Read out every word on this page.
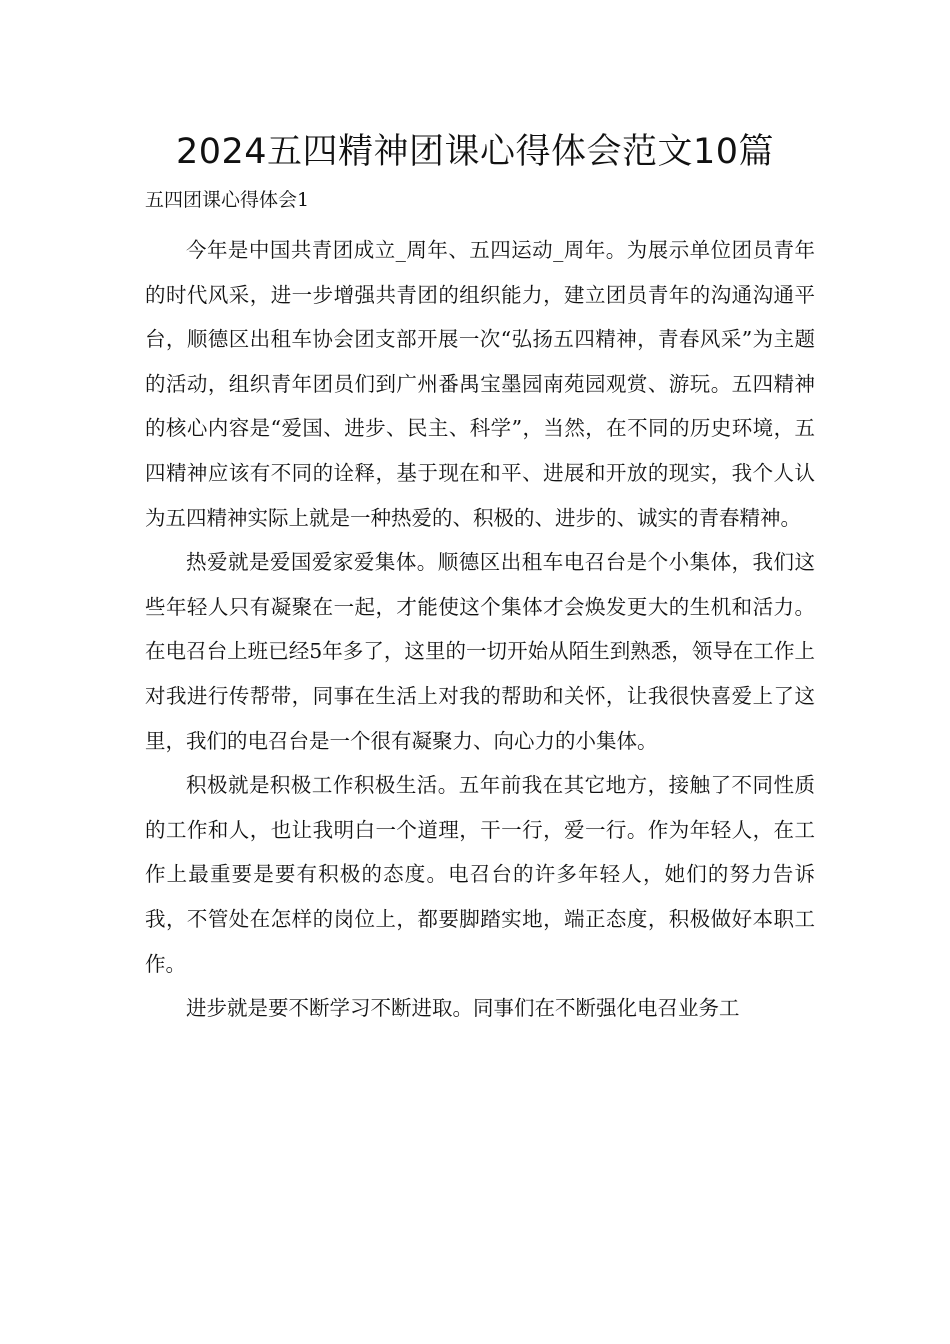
2024五四精神团课心得体会范文10篇

五四团课心得体会1

今年是中国共青团成立_周年、五四运动_周年。为展示单位团员青年的时代风采，进一步增强共青团的组织能力，建立团员青年的沟通沟通平台，顺德区出租车协会团支部开展一次“弘扬五四精神，青春风采”为主题的活动，组织青年团员们到广州番禺宝墨园南苑园观赏、游玩。五四精神的核心内容是“爱国、进步、民主、科学”，当然，在不同的历史环境，五四精神应该有不同的诠释，基于现在和平、进展和开放的现实，我个人认为五四精神实际上就是一种热爱的、积极的、进步的、诚实的青春精神。

热爱就是爱国爱家爱集体。顺德区出租车电召台是个小集体，我们这些年轻人只有凝聚在一起，才能使这个集体才会焕发更大的生机和活力。在电召台上班已经5年多了，这里的一切开始从陌生到熟悉，领导在工作上对我进行传帮带，同事在生活上对我的帮助和关怀，让我很快喜爱上了这里，我们的电召台是一个很有凝聚力、向心力的小集体。

积极就是积极工作积极生活。五年前我在其它地方，接触了不同性质的工作和人，也让我明白一个道理，干一行，爱一行。作为年轻人，在工作上最重要是要有积极的态度。电召台的许多年轻人，她们的努力告诉我，不管处在怎样的岗位上，都要脚踏实地，端正态度，积极做好本职工作。

进步就是要不断学习不断进取。同事们在不断强化电召业务工
